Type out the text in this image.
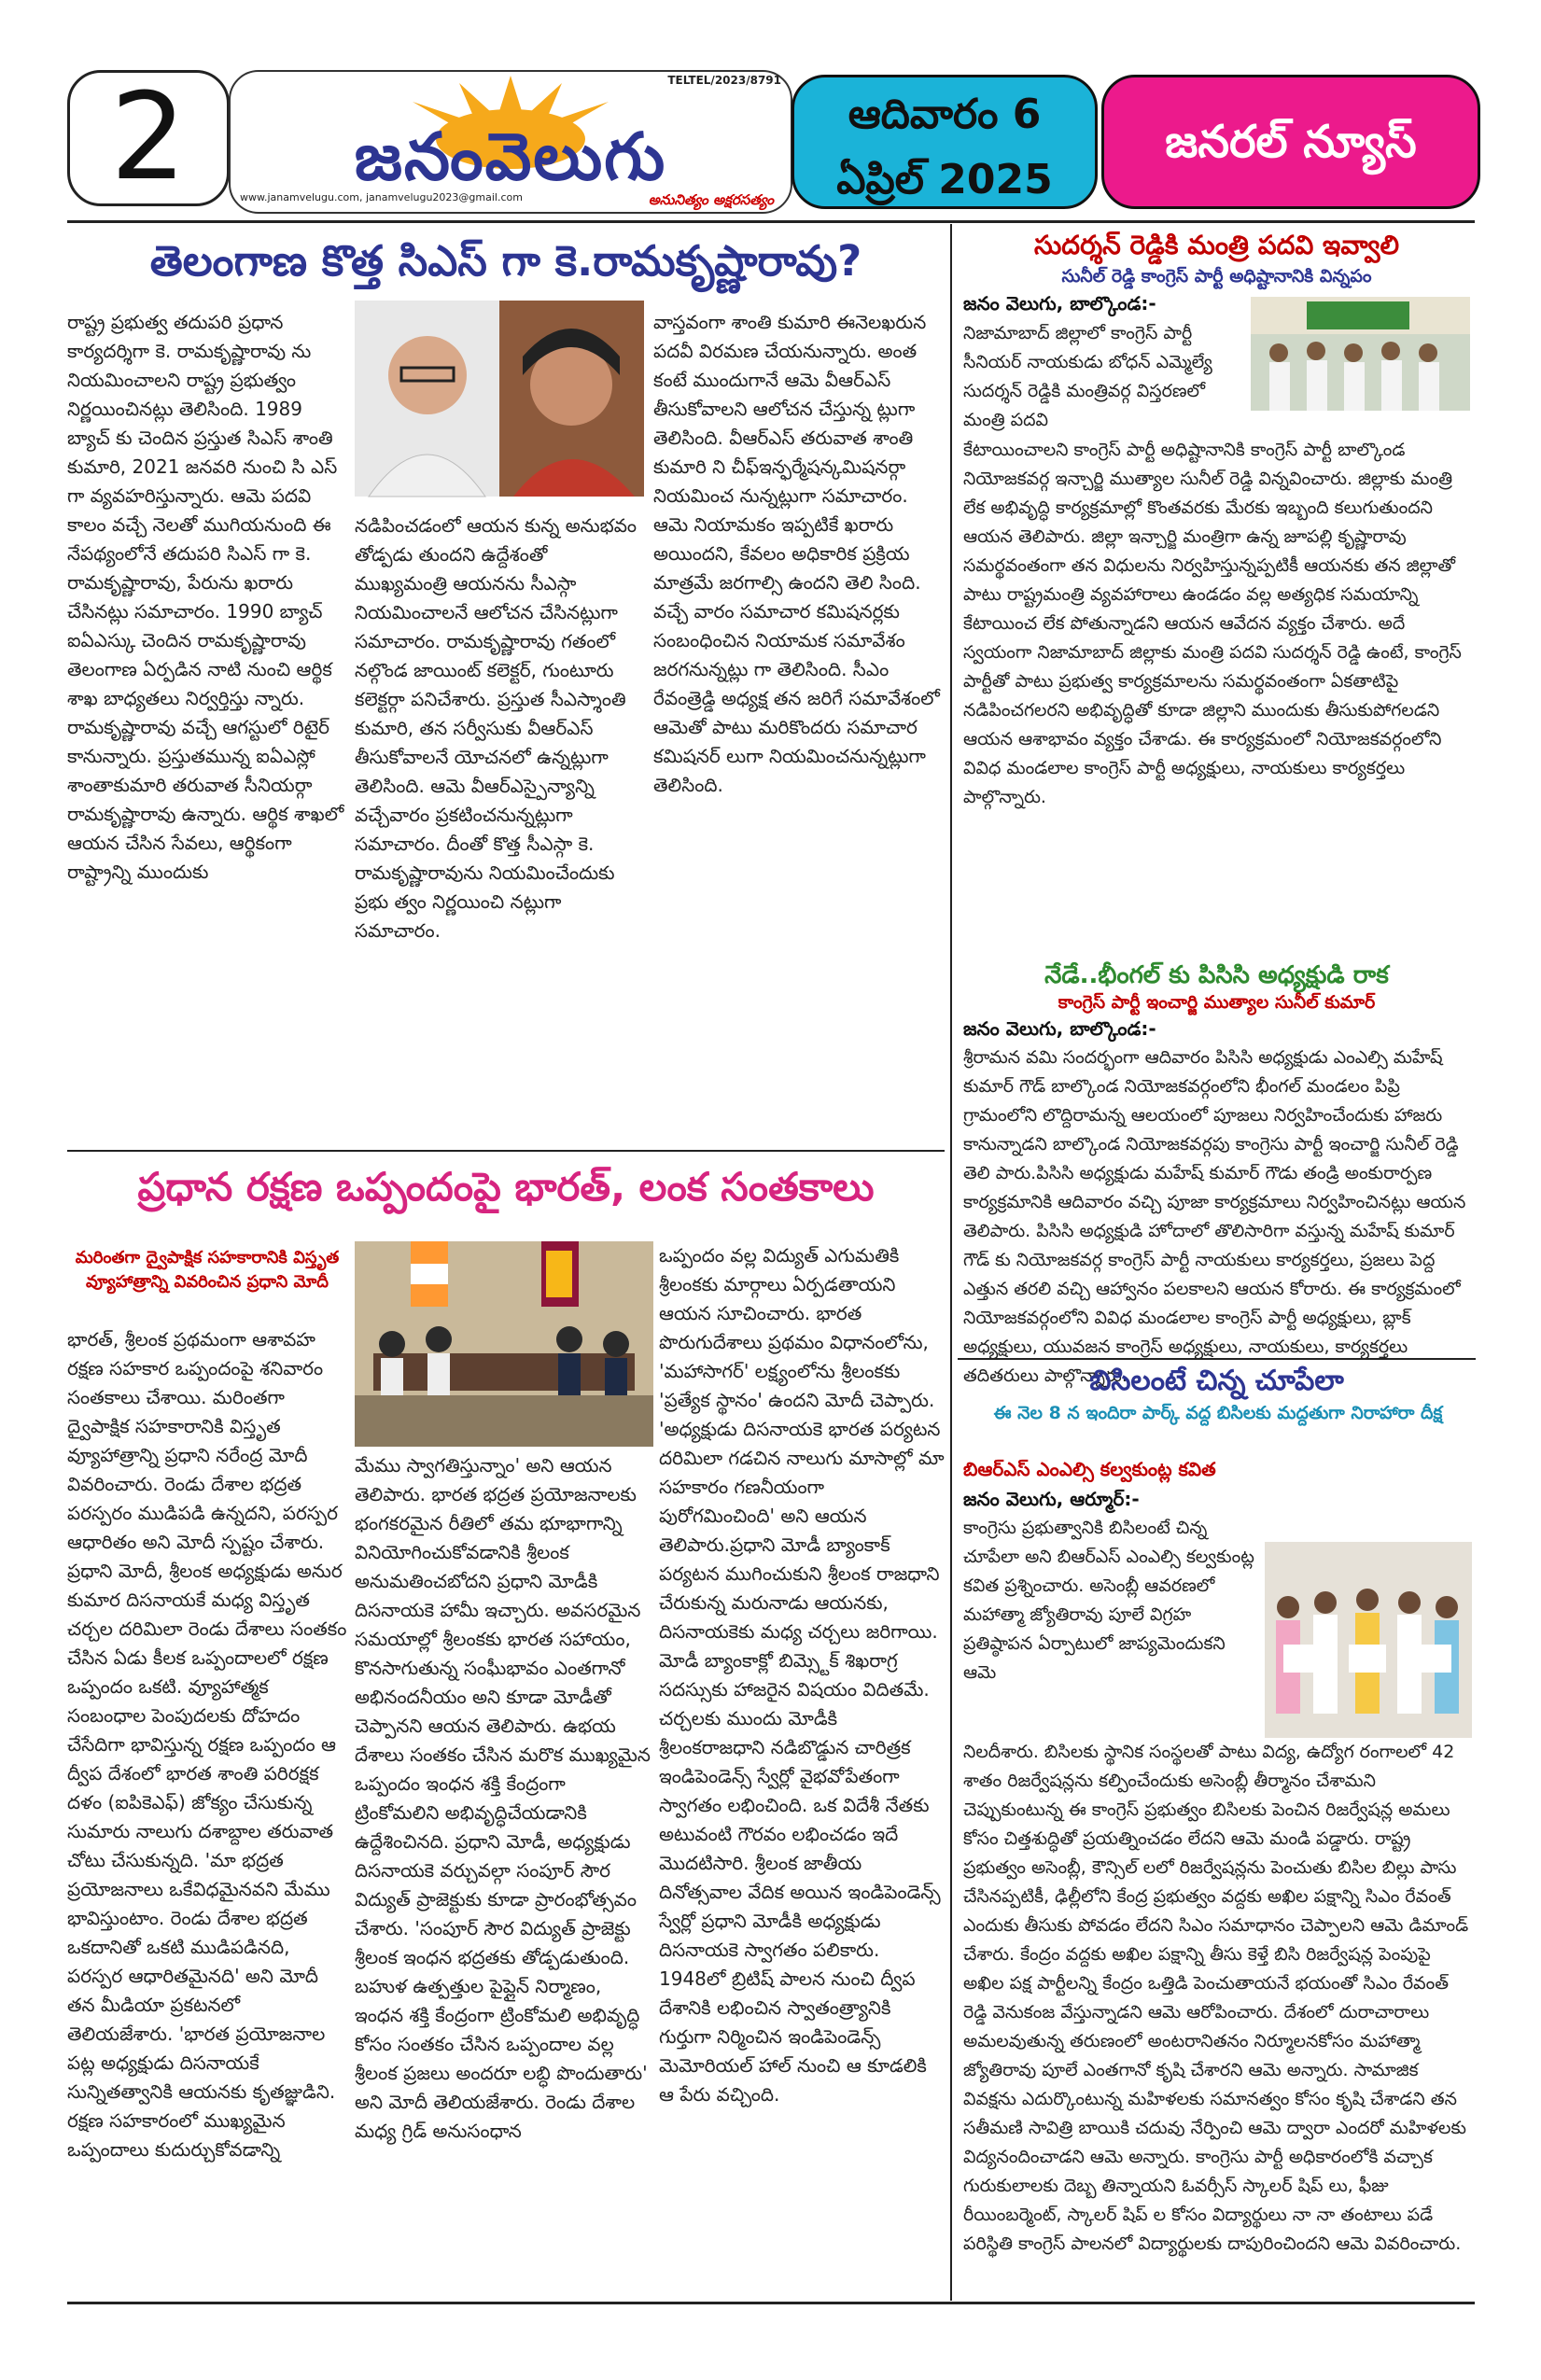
2	TELTEL/2023/8791
జనంవెలుగు
www.janamvelugu.com, janamvelugu2023@gmail.com	అనునిత్యం అక్షరసత్యం
ఆదివారం 6
ఏప్రిల్ 2025
జనరల్ న్యూస్
తెలంగాణ కొత్త సిఎస్ గా కె.రామకృష్ణారావు?
రాష్ట్ర ప్రభుత్వ తదుపరి ప్రధాన కార్యదర్శిగా కె. రామకృష్ణారావు ను నియమించాలని రాష్ట్ర ప్రభుత్వం నిర్ణయించినట్లు తెలిసింది. 1989 బ్యాచ్ కు చెందిన ప్రస్తుత సిఎస్ శాంతి కుమారి, 2021 జనవరి నుంచి సి ఎస్ గా వ్యవహరిస్తున్నారు. ఆమె పదవి కాలం వచ్చే నెలతో ముగియనుంది ఈ నేపథ్యంలోనే తదుపరి సిఎస్ గా కె. రామకృష్ణారావు, పేరును ఖరారు చేసినట్లు సమాచారం. 1990 బ్యాచ్ ఐఏఎస్కు చెందిన రామకృష్ణారావు తెలంగాణ ఏర్పడిన నాటి నుంచి ఆర్థిక శాఖ బాధ్యతలు నిర్వర్తిస్తు న్నారు. రామకృష్ణారావు వచ్చే ఆగస్టులో రిటైర్ కానున్నారు. ప్రస్తుతమున్న ఐఏఎస్లో శాంతాకుమారి తరువాత సీనియర్గా రామకృష్ణారావు ఉన్నారు. ఆర్థిక శాఖలో ఆయన చేసిన సేవలు, ఆర్థికంగా రాష్ట్రాన్ని ముందుకు
నడిపించడంలో ఆయన కున్న అనుభవం తోడ్పడు తుందని ఉద్దేశంతో ముఖ్యమంత్రి ఆయనను సీఎస్గా నియమించాలనే ఆలోచన చేసినట్లుగా సమాచారం. రామకృష్ణారావు గతంలో నల్గొండ జాయింట్ కలెక్టర్, గుంటూరు కలెక్టర్గా పనిచేశారు. ప్రస్తుత సీఎస్శాంతి కుమారి, తన సర్వీసుకు వీఆర్ఎస్ తీసుకోవాలనే యోచనలో ఉన్నట్లుగా తెలిసింది. ఆమె వీఆర్ఎస్పైన్యాన్ని వచ్చేవారం ప్రకటించనున్నట్లుగా సమాచారం. దీంతో కొత్త సీఎస్గా కె. రామకృష్ణారావును నియమించేందుకు ప్రభు త్వం నిర్ణయించి నట్లుగా సమాచారం.
వాస్తవంగా శాంతి కుమారి ఈనెలఖరున పదవీ విరమణ చేయనున్నారు. అంత కంటే ముందుగానే ఆమె వీఆర్ఎస్ తీసుకోవాలని ఆలోచన చేస్తున్న ట్లుగా తెలిసింది. వీఆర్ఎస్ తరువాత శాంతి కుమారి ని చీఫ్ఇన్ఫర్మేషన్కమిషనర్గా నియమించ నున్నట్లుగా సమాచారం. ఆమె నియామకం ఇప్పటికే ఖరారు అయిందని, కేవలం అధికారిక ప్రక్రియ మాత్రమే జరగాల్సి ఉందని తెలి సింది. వచ్చే వారం సమాచార కమిషనర్లకు సంబంధించిన నియామక సమావేశం జరగనున్నట్లు గా తెలిసింది. సీఎం రేవంత్రెడ్డి అధ్యక్ష తన జరిగే సమావేశంలో ఆమెతో పాటు మరికొందరు సమాచార కమిషనర్ లుగా నియమించనున్నట్లుగా తెలిసింది.
సుదర్శన్ రెడ్డికి మంత్రి పదవి ఇవ్వాలి
సునీల్ రెడ్డి కాంగ్రెస్ పార్టీ అధిష్టానానికి విన్నపం
జనం వెలుగు, బాల్కొండ:-
నిజామాబాద్ జిల్లాలో కాంగ్రెస్ పార్టీ సీనియర్ నాయకుడు బోధన్ ఎమ్మెల్యే సుదర్శన్ రెడ్డికి మంత్రివర్గ విస్తరణలో మంత్రి పదవి
కేటాయించాలని కాంగ్రెస్ పార్టీ అధిష్టానానికి కాంగ్రెస్ పార్టీ బాల్కొండ నియోజకవర్గ ఇన్చార్జి ముత్యాల సునీల్ రెడ్డి విన్నవించారు. జిల్లాకు మంత్రి లేక అభివృద్ధి కార్యక్రమాల్లో కొంతవరకు మేరకు ఇబ్బంది కలుగుతుందని ఆయన తెలిపారు. జిల్లా ఇన్చార్జి మంత్రిగా ఉన్న జూపల్లి కృష్ణారావు సమర్థవంతంగా తన విధులను నిర్వహిస్తున్నప్పటికీ ఆయనకు తన జిల్లాతో పాటు రాష్ట్రమంత్రి వ్యవహారాలు ఉండడం వల్ల అత్యధిక సమయాన్ని కేటాయించ లేక పోతున్నాడని ఆయన ఆవేదన వ్యక్తం చేశారు. అదే స్వయంగా నిజామాబాద్ జిల్లాకు మంత్రి పదవి సుదర్శన్ రెడ్డి ఉంటే, కాంగ్రెస్ పార్టీతో పాటు ప్రభుత్వ కార్యక్రమాలను సమర్థవంతంగా ఏకతాటిపై నడిపించగలరని అభివృద్ధితో కూడా జిల్లాని ముందుకు తీసుకుపోగలడని ఆయన ఆశాభావం వ్యక్తం చేశాడు. ఈ కార్యక్రమంలో నియోజకవర్గంలోని వివిధ మండలాల కాంగ్రెస్ పార్టీ అధ్యక్షులు, నాయకులు కార్యకర్తలు పాల్గొన్నారు.
నేడే..భీంగల్ కు పిసిసి అధ్యక్షుడి రాక
కాంగ్రెస్ పార్టీ ఇంచార్జి ముత్యాల సునీల్ కుమార్
జనం వెలుగు, బాల్కొండ:-
శ్రీరామన వమి సందర్భంగా ఆదివారం పిసిసి అధ్యక్షుడు ఎంఎల్సి మహేష్ కుమార్ గౌడ్ బాల్కొండ నియోజకవర్గంలోని భీంగల్ మండలం పిప్రి గ్రామంలోని లొద్దిరామన్న ఆలయంలో పూజలు నిర్వహించేందుకు హాజరు కానున్నాడని బాల్కొండ నియోజకవర్గపు కాంగ్రెసు పార్టీ ఇంచార్జి సునీల్ రెడ్డి తెలి పారు.పిసిసి అధ్యక్షుడు మహేష్ కుమార్ గౌడు తండ్రి అంకురార్పణ కార్యక్రమానికి ఆదివారం వచ్చి పూజా కార్యక్రమాలు నిర్వహించినట్లు ఆయన తెలిపారు. పిసిసి అధ్యక్షుడి హోదాలో తొలిసారిగా వస్తున్న మహేష్ కుమార్ గౌడ్ కు నియోజకవర్గ కాంగ్రెస్ పార్టీ నాయకులు కార్యకర్తలు, ప్రజలు పెద్ద ఎత్తున తరలి వచ్చి ఆహ్వానం పలకాలని ఆయన కోరారు. ఈ కార్యక్రమంలో నియోజకవర్గంలోని వివిధ మండలాల కాంగ్రెస్ పార్టీ అధ్యక్షులు, బ్లాక్ అధ్యక్షులు, యువజన కాంగ్రెస్ అధ్యక్షులు, నాయకులు, కార్యకర్తలు తదితరులు పాల్గొన్నారు.
ప్రధాన రక్షణ ఒప్పందంపై భారత్, లంక సంతకాలు
మరింతగా ద్వైపాక్షిక సహకారానికి విస్తృత వ్యూహాత్రాన్ని వివరించిన ప్రధాని మోదీ
భారత్, శ్రీలంక ప్రథమంగా ఆశావహ రక్షణ సహకార ఒప్పందంపై శనివారం సంతకాలు చేశాయి. మరింతగా ద్వైపాక్షిక సహకారానికి విస్తృత వ్యూహాత్రాన్ని ప్రధాని నరేంద్ర మోదీ వివరించారు. రెండు దేశాల భద్రత పరస్పరం ముడిపడి ఉన్నదని, పరస్పర ఆధారితం అని మోదీ స్పష్టం చేశారు. ప్రధాని మోదీ, శ్రీలంక అధ్యక్షుడు అనుర కుమార దిసనాయకే మధ్య విస్తృత చర్చల దరిమిలా రెండు దేశాలు సంతకం చేసిన ఏడు కీలక ఒప్పందాలలో రక్షణ ఒప్పందం ఒకటి. వ్యూహాత్మక సంబంధాల పెంపుదలకు దోహదం చేసేదిగా భావిస్తున్న రక్షణ ఒప్పందం ఆ ద్వీప దేశంలో భారత శాంతి పరిరక్షక దళం (ఐపికెఎఫ్) జోక్యం చేసుకున్న సుమారు నాలుగు దశాబ్దాల తరువాత చోటు చేసుకున్నది. 'మా భద్రత ప్రయోజనాలు ఒకేవిధమైనవని మేము భావిస్తుంటాం. రెండు దేశాల భద్రత ఒకదానితో ఒకటి ముడిపడినది, పరస్పర ఆధారితమైనది' అని మోదీ తన మీడియా ప్రకటనలో తెలియజేశారు. 'భారత ప్రయోజనాల పట్ల అధ్యక్షుడు దిసనాయకే సున్నితత్వానికి ఆయనకు కృతజ్ఞుడిని. రక్షణ సహకారంలో ముఖ్యమైన ఒప్పందాలు కుదుర్చుకోవడాన్ని
మేము స్వాగతిస్తున్నాం' అని ఆయన తెలిపారు. భారత భద్రత ప్రయోజనాలకు భంగకరమైన రీతిలో తమ భూభాగాన్ని వినియోగించుకోవడానికి శ్రీలంక అనుమతించబోదని ప్రధాని మోడీకి దిసనాయకె హామీ ఇచ్చారు. అవసరమైన సమయాల్లో శ్రీలంకకు భారత సహాయం, కొనసాగుతున్న సంఘీభావం ఎంతగానో అభినందనీయం అని కూడా మోడీతో చెప్పానని ఆయన తెలిపారు. ఉభయ దేశాలు సంతకం చేసిన మరొక ముఖ్యమైన ఒప్పందం ఇంధన శక్తి కేంద్రంగా ట్రింకోమలిని అభివృద్ధిచేయడానికి ఉద్దేశించినది. ప్రధాని మోడీ, అధ్యక్షుడు దిసనాయకె వర్చువల్గా సంపూర్ సౌర విద్యుత్ ప్రాజెక్టుకు కూడా ప్రారంభోత్సవం చేశారు. 'సంపూర్ సౌర విద్యుత్ ప్రాజెక్టు శ్రీలంక ఇంధన భద్రతకు తోడ్పడుతుంది. బహుళ ఉత్పత్తుల పైప్లైన్ నిర్మాణం, ఇంధన శక్తి కేంద్రంగా ట్రింకోమలి అభివృద్ధి కోసం సంతకం చేసిన ఒప్పందాల వల్ల శ్రీలంక ప్రజలు అందరూ లబ్ధి పొందుతారు' అని మోదీ తెలియజేశారు. రెండు దేశాల మధ్య గ్రిడ్ అనుసంధాన
ఒప్పందం వల్ల విద్యుత్ ఎగుమతికి శ్రీలంకకు మార్గాలు ఏర్పడతాయని ఆయన సూచించారు. భారత పొరుగుదేశాలు ప్రథమం విధానంలోను, 'మహాసాగర్' లక్ష్యంలోను శ్రీలంకకు 'ప్రత్యేక స్థానం' ఉందని మోదీ చెప్పారు. 'అధ్యక్షుడు దిసనాయకె భారత పర్యటన దరిమిలా గడచిన నాలుగు మాసాల్లో మా సహకారం గణనీయంగా పురోగమించింది' అని ఆయన తెలిపారు.ప్రధాని మోడీ బ్యాంకాక్ పర్యటన ముగించుకుని శ్రీలంక రాజధాని చేరుకున్న మరునాడు ఆయనకు, దిసనాయకెకు మధ్య చర్చలు జరిగాయి. మోడీ బ్యాంకాక్లో బిమ్స్టెక్ శిఖరాగ్ర సదస్సుకు హాజరైన విషయం విదితమే. చర్చలకు ముందు మోడీకి శ్రీలంకరాజధాని నడిబొడ్డున చారిత్రక ఇండిపెండెన్స్ స్వేర్లో వైభవోపేతంగా స్వాగతం లభించింది. ఒక విదేశీ నేతకు అటువంటి గౌరవం లభించడం ఇదే మొదటిసారి. శ్రీలంక జాతీయ దినోత్సవాల వేదిక అయిన ఇండిపెండెన్స్ స్వేర్లో ప్రధాని మోడీకి అధ్యక్షుడు దిసనాయకె స్వాగతం పలికారు. 1948లో బ్రిటిష్ పాలన నుంచి ద్వీప దేశానికి లభించిన స్వాతంత్ర్యానికి గుర్తుగా నిర్మించిన ఇండిపెండెన్స్ మెమోరియల్ హాల్ నుంచి ఆ కూడలికి ఆ పేరు వచ్చింది.
బిసిలంటే చిన్న చూపేలా
ఈ నెల 8 న ఇందిరా పార్క్ వద్ద బిసిలకు మద్దతుగా నిరాహారా దీక్ష
బిఆర్ఎస్ ఎంఎల్సి కల్వకుంట్ల కవిత
జనం వెలుగు, ఆర్మూర్:-
కాంగ్రెసు ప్రభుత్వానికి బిసిలంటే చిన్న చూపేలా అని బిఆర్ఎస్ ఎంఎల్సి కల్వకుంట్ల కవిత ప్రశ్నించారు. అసెంబ్లీ ఆవరణలో మహాత్మా జ్యోతిరావు పూలే విగ్రహ ప్రతిష్ఠాపన ఏర్పాటులో జాప్యమెందుకని ఆమె
నిలదీశారు. బిసిలకు స్థానిక సంస్థలతో పాటు విద్య, ఉద్యోగ రంగాలలో 42 శాతం రిజర్వేషన్లను కల్పించేందుకు అసెంబ్లీ తీర్మానం చేశామని చెప్పుకుంటున్న ఈ కాంగ్రెస్ ప్రభుత్వం బిసిలకు పెంచిన రిజర్వేషన్ల అమలు కోసం చిత్తశుద్ధితో ప్రయత్నించడం లేదని ఆమె మండి పడ్డారు. రాష్ట్ర ప్రభుత్వం అసెంబ్లీ, కౌన్సిల్ లలో రిజర్వేషన్లను పెంచుతు బిసిల బిల్లు పాసు చేసినప్పటికీ, ఢిల్లీలోని కేంద్ర ప్రభుత్వం వద్దకు అఖిల పక్షాన్ని సిఎం రేవంత్ ఎందుకు తీసుకు పోవడం లేదని సిఎం సమాధానం చెప్పాలని ఆమె డిమాండ్ చేశారు. కేంద్రం వద్దకు అఖిల పక్షాన్ని తీసు కెళ్తే బిసి రిజర్వేషన్ల పెంపుపై అఖిల పక్ష పార్టీలన్ని కేంద్రం ఒత్తిడి పెంచుతాయనే భయంతో సిఎం రేవంత్ రెడ్డి వెనుకంజ వేస్తున్నాడని ఆమె ఆరోపించారు. దేశంలో దురాచారాలు అమలవుతున్న తరుణంలో అంటరానితనం నిర్మూలనకోసం మహాత్మా జ్యోతిరావు పూలే ఎంతగానో కృషి చేశారని ఆమె అన్నారు. సామాజిక వివక్షను ఎదుర్కొంటున్న మహిళలకు సమానత్వం కోసం కృషి చేశాడని తన సతీమణి సావిత్రి బాయికి చదువు నేర్పించి ఆమె ద్వారా ఎందరో మహిళలకు విద్యనందించాడని ఆమె అన్నారు. కాంగ్రెసు పార్టీ అధికారంలోకి వచ్చాక గురుకులాలకు దెబ్బ తిన్నాయని ఓవర్సీస్ స్కాలర్ షిప్ లు, ఫీజు రీయింబర్మెంట్, స్కాలర్ షిప్ ల కోసం విద్యార్థులు నా నా తంటాలు పడే పరిస్థితి కాంగ్రెస్ పాలనలో విద్యార్థులకు దాపురించిందని ఆమె వివరించారు.
